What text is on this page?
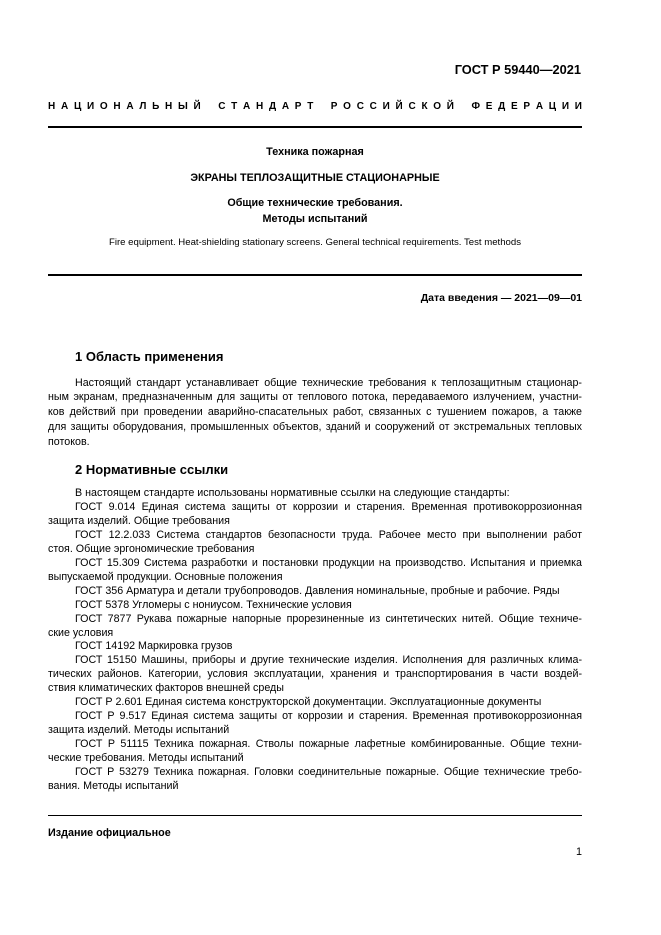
ГОСТ Р 59440—2021
Н А Ц И О Н А Л Ь Н Ы Й
С Т А Н Д А Р Т
Р О С С И Й С К О Й
Ф Е Д Е Р А Ц И И
Техника пожарная
ЭКРАНЫ ТЕПЛОЗАЩИТНЫЕ СТАЦИОНАРНЫЕ
Общие технические требования.
Методы испытаний
Fire equipment. Heat-shielding stationary screens. General technical requirements. Test methods
Дата введения — 2021—09—01
1 Область применения
Настоящий стандарт устанавливает общие технические требования к теплозащитным стационар-
ным экранам, предназначенным для защиты от теплового потока, передаваемого излучением, участни-
ков действий при проведении аварийно-спасательных работ, связанных с тушением пожаров, а также
для защиты оборудования, промышленных объектов, зданий и сооружений от экстремальных тепловых
потоков.
2 Нормативные ссылки
В настоящем стандарте использованы нормативные ссылки на следующие стандарты:
ГОСТ 9.014 Единая система защиты от коррозии и старения. Временная противокоррозионная
защита изделий. Общие требования
ГОСТ 12.2.033 Система стандартов безопасности труда. Рабочее место при выполнении работ
стоя. Общие эргономические требования
ГОСТ 15.309 Система разработки и постановки продукции на производство. Испытания и приемка
выпускаемой продукции. Основные положения
ГОСТ 356 Арматура и детали трубопроводов. Давления номинальные, пробные и рабочие. Ряды
ГОСТ 5378 Угломеры с нониусом. Технические условия
ГОСТ 7877 Рукава пожарные напорные прорезиненные из синтетических нитей. Общие техниче-
ские условия
ГОСТ 14192 Маркировка грузов
ГОСТ 15150 Машины, приборы и другие технические изделия. Исполнения для различных клима-
тических районов. Категории, условия эксплуатации, хранения и транспортирования в части воздей-
ствия климатических факторов внешней среды
ГОСТ Р 2.601 Единая система конструкторской документации. Эксплуатационные документы
ГОСТ Р 9.517 Единая система защиты от коррозии и старения. Временная противокоррозионная
защита изделий. Методы испытаний
ГОСТ Р 51115 Техника пожарная. Стволы пожарные лафетные комбинированные. Общие техни-
ческие требования. Методы испытаний
ГОСТ Р 53279 Техника пожарная. Головки соединительные пожарные. Общие технические требо-
вания. Методы испытаний
Издание официальное
1
